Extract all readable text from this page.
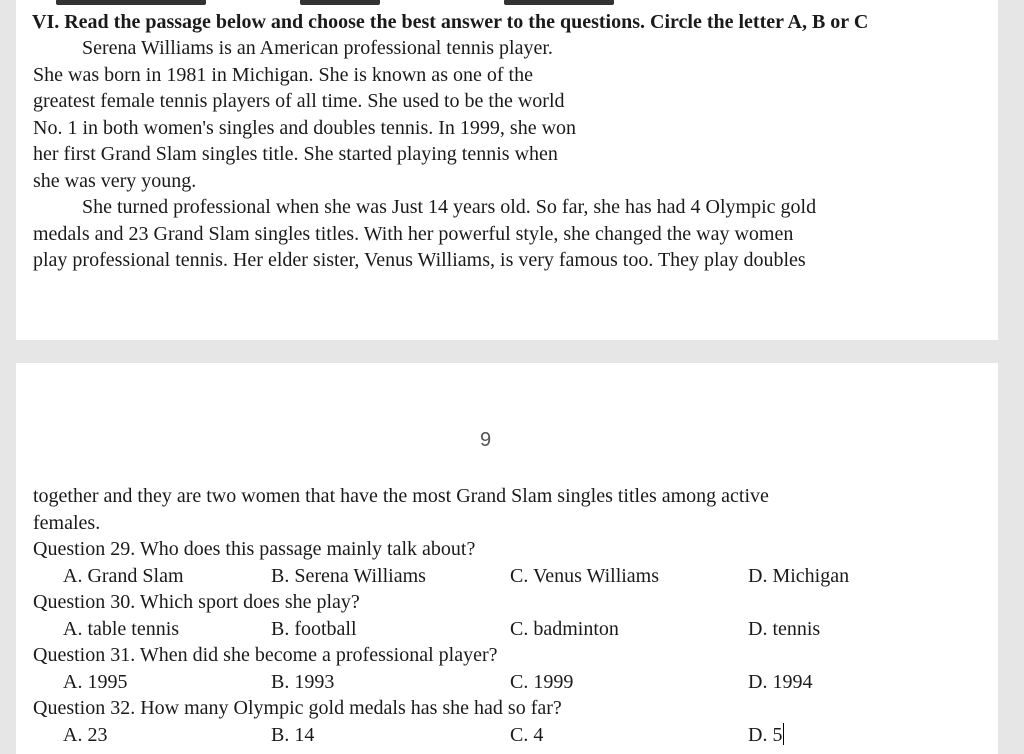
VI. Read the passage below and choose the best answer to the questions. Circle the letter A, B or C
Serena Williams is an American professional tennis player.
She was born in 1981 in Michigan. She is known as one of the
greatest female tennis players of all time. She used to be the world
No. 1 in both women's singles and doubles tennis. In 1999, she won
her first Grand Slam singles title. She started playing tennis when
she was very young.
She turned professional when she was Just 14 years old. So far, she has had 4 Olympic gold
medals and 23 Grand Slam singles titles. With her powerful style, she changed the way women
play professional tennis. Her elder sister, Venus Williams, is very famous too. They play doubles
9
together and they are two women that have the most Grand Slam singles titles among active
females.
Question 29. Who does this passage mainly talk about?
A. Grand Slam	B. Serena Williams	C. Venus Williams	D. Michigan
Question 30. Which sport does she play?
A. table tennis	B. football	C. badminton	D. tennis
Question 31. When did she become a professional player?
A. 1995	B. 1993	C. 1999	D. 1994
Question 32. How many Olympic gold medals has she had so far?
A. 23	B. 14	C. 4	D. 5
